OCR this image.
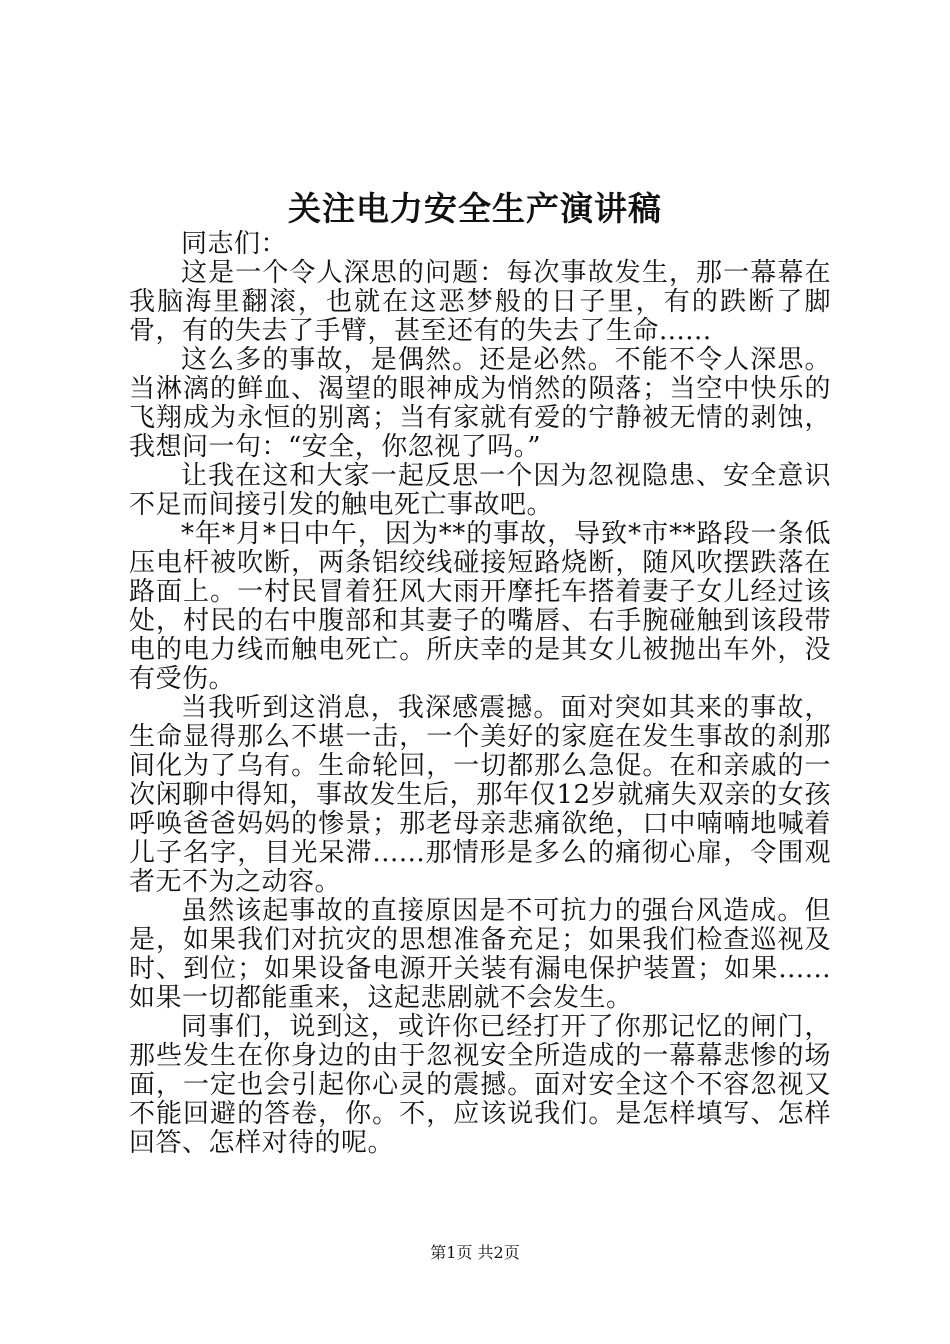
关注电力安全生产演讲稿

同志们：

这是一个令人深思的问题：每次事故发生，那一幕幕在我脑海里翻滚，也就在这恶梦般的日子里，有的跌断了脚骨，有的失去了手臂，甚至还有的失去了生命......

这么多的事故，是偶然。还是必然。不能不令人深思。当淋漓的鲜血、渴望的眼神成为悄然的陨落；当空中快乐的飞翔成为永恒的别离；当有家就有爱的宁静被无情的剥蚀，我想问一句：“安全，你忽视了吗。”

让我在这和大家一起反思一个因为忽视隐患、安全意识不足而间接引发的触电死亡事故吧。

*年*月*日中午，因为**的事故，导致*市**路段一条低压电杆被吹断，两条铝绞线碰接短路烧断，随风吹摆跌落在路面上。一村民冒着狂风大雨开摩托车搭着妻子女儿经过该处，村民的右中腹部和其妻子的嘴唇、右手腕碰触到该段带电的电力线而触电死亡。所庆幸的是其女儿被抛出车外，没有受伤。

当我听到这消息，我深感震撼。面对突如其来的事故，生命显得那么不堪一击，一个美好的家庭在发生事故的刹那间化为了乌有。生命轮回，一切都那么急促。在和亲戚的一次闲聊中得知，事故发生后，那年仅12岁就痛失双亲的女孩呼唤爸爸妈妈的惨景；那老母亲悲痛欲绝，口中喃喃地喊着儿子名字，目光呆滞......那情形是多么的痛彻心扉，令围观者无不为之动容。

虽然该起事故的直接原因是不可抗力的强台风造成。但是，如果我们对抗灾的思想准备充足；如果我们检查巡视及时、到位；如果设备电源开关装有漏电保护装置；如果......如果一切都能重来，这起悲剧就不会发生。

同事们，说到这，或许你已经打开了你那记忆的闸门，那些发生在你身边的由于忽视安全所造成的一幕幕悲惨的场面，一定也会引起你心灵的震撼。面对安全这个不容忽视又不能回避的答卷，你。不，应该说我们。是怎样填写、怎样回答、怎样对待的呢。

第1页 共2页
